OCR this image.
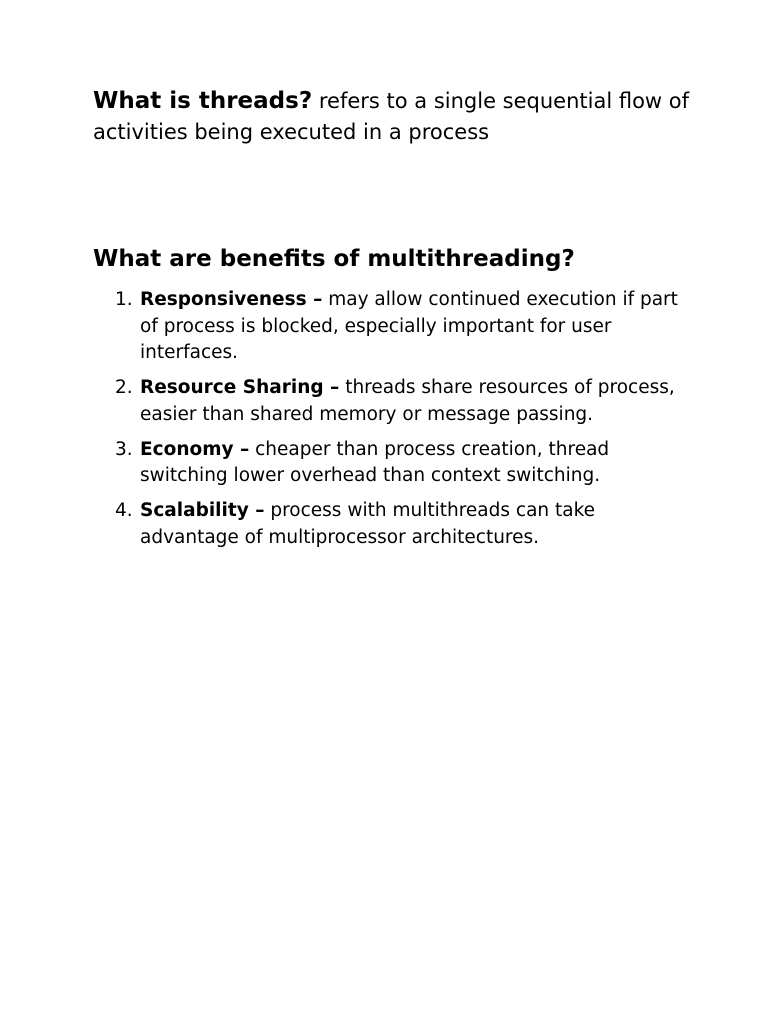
What is threads? refers to a single sequential flow of activities being executed in a process

What are benefits of multithreading?
1. Responsiveness – may allow continued execution if part of process is blocked, especially important for user interfaces.
2. Resource Sharing – threads share resources of process, easier than shared memory or message passing.
3. Economy – cheaper than process creation, thread switching lower overhead than context switching.
4. Scalability – process with multithreads can take advantage of multiprocessor architectures.
